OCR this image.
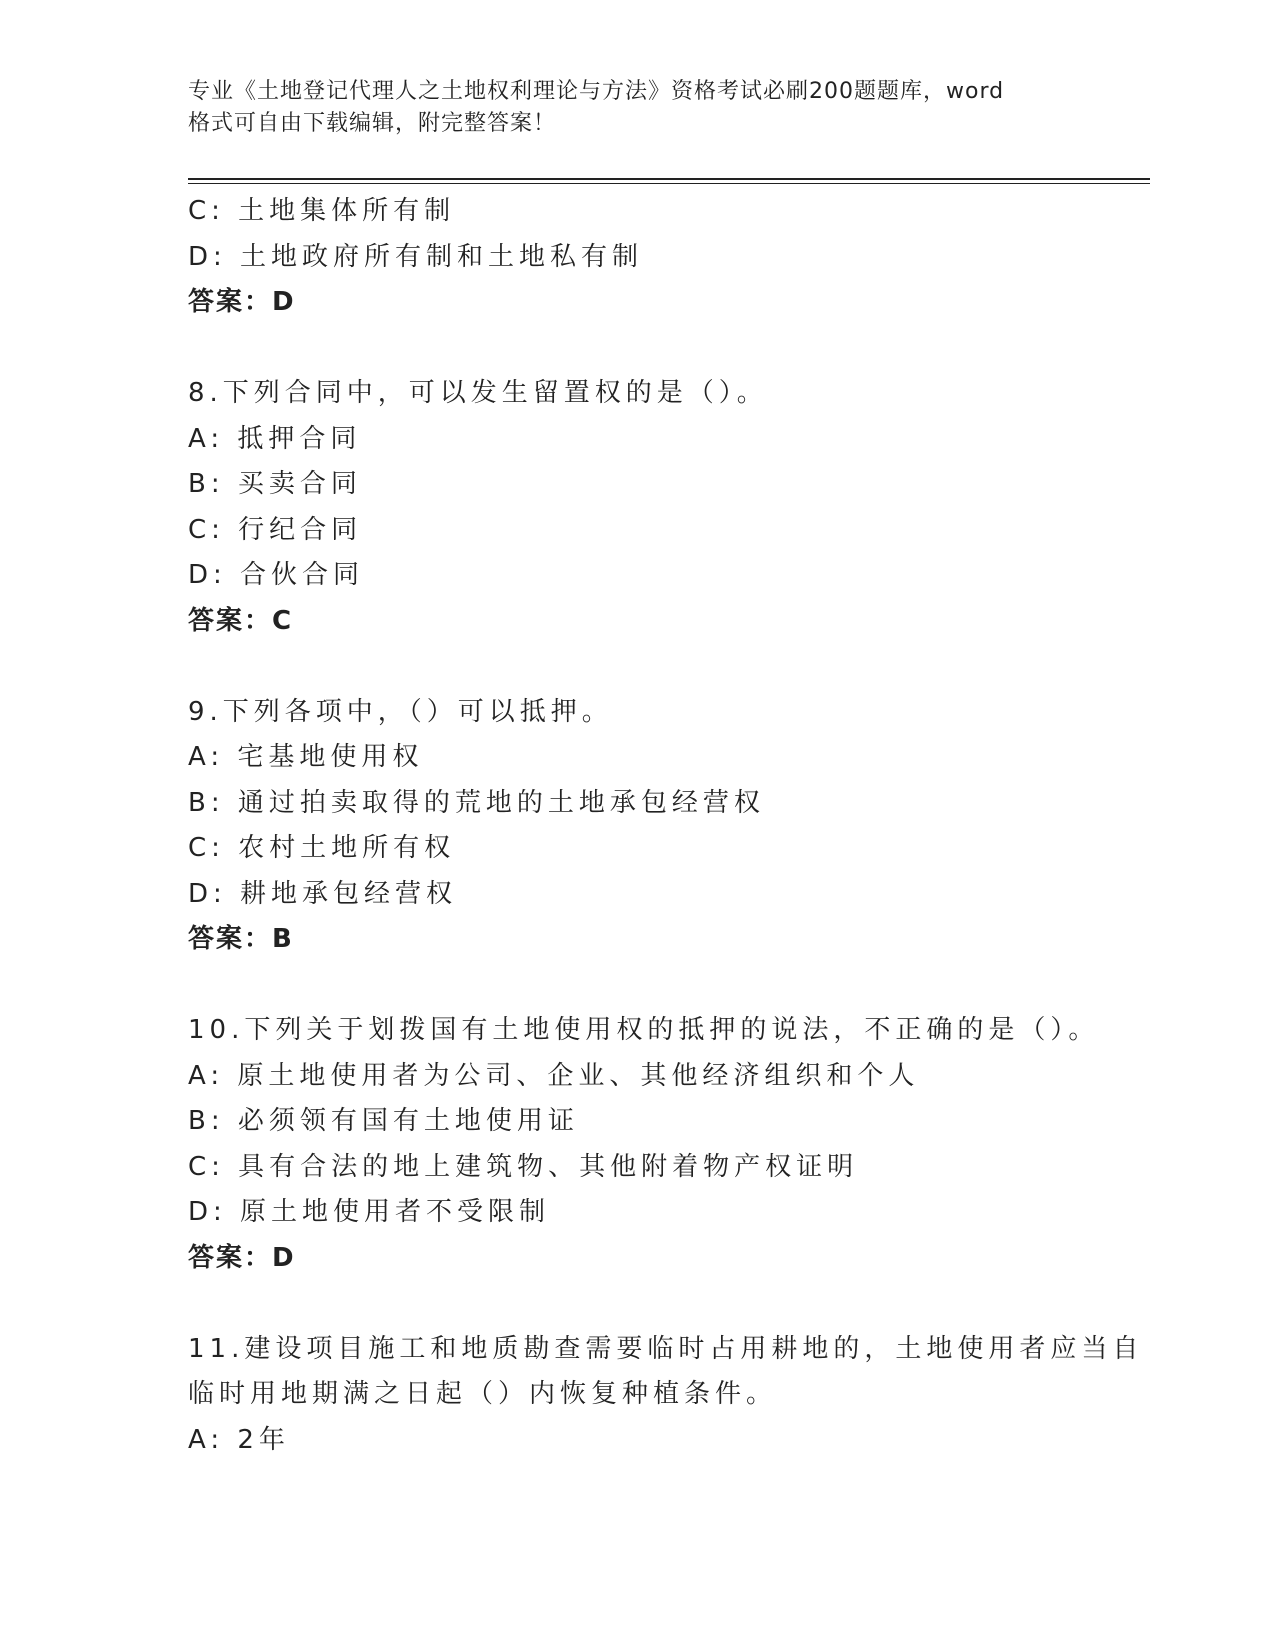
专业《土地登记代理人之土地权利理论与方法》资格考试必刷200题题库，word
格式可自由下载编辑，附完整答案！
C: 土地集体所有制
D: 土地政府所有制和土地私有制
答案：D
8.下列合同中，可以发生留置权的是（）。
A: 抵押合同
B: 买卖合同
C: 行纪合同
D: 合伙合同
答案：C
9.下列各项中，（）可以抵押。
A: 宅基地使用权
B: 通过拍卖取得的荒地的土地承包经营权
C: 农村土地所有权
D: 耕地承包经营权
答案：B
10.下列关于划拨国有土地使用权的抵押的说法，不正确的是（）。
A: 原土地使用者为公司、企业、其他经济组织和个人
B: 必须领有国有土地使用证
C: 具有合法的地上建筑物、其他附着物产权证明
D: 原土地使用者不受限制
答案：D
11.建设项目施工和地质勘查需要临时占用耕地的，土地使用者应当自
临时用地期满之日起（）内恢复种植条件。
A: 2年
